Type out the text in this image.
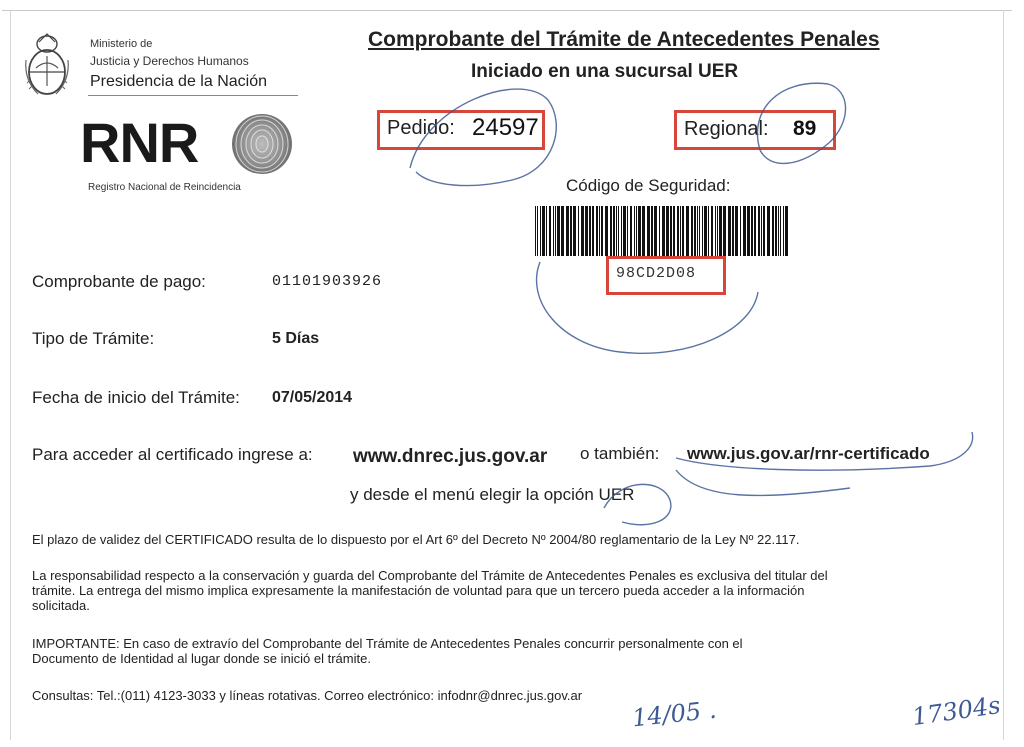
Ministerio de
Justicia y Derechos Humanos
Presidencia de la Nación
RNR
Registro Nacional de Reincidencia
Comprobante del Trámite de Antecedentes Penales
Iniciado en una sucursal UER
Pedido: 24597	Regional: 89
Código de Seguridad:
98CD2D08
Comprobante de pago:	01101903926
Tipo de Trámite:	5 Días
Fecha de inicio del Trámite: 07/05/2014
Para acceder al certificado ingrese a: www.dnrec.jus.gov.ar o también: www.jus.gov.ar/rnr-certificado
y desde el menú elegir la opción UER
El plazo de validez del CERTIFICADO resulta de lo dispuesto por el Art 6º del Decreto Nº 2004/80 reglamentario de la Ley Nº 22.117.
La responsabilidad respecto a la conservación y guarda del Comprobante del Trámite de Antecedentes Penales es exclusiva del titular del
trámite. La entrega del mismo implica expresamente la manifestación de voluntad para que un tercero pueda acceder a la información
solicitada.
IMPORTANTE: En caso de extravío del Comprobante del Trámite de Antecedentes Penales concurrir personalmente con el
Documento de Identidad al lugar donde se inició el trámite.
Consultas: Tel.:(011) 4123-3033 y líneas rotativas. Correo electrónico: infodnr@dnrec.jus.gov.ar
14/05 .	17304s
